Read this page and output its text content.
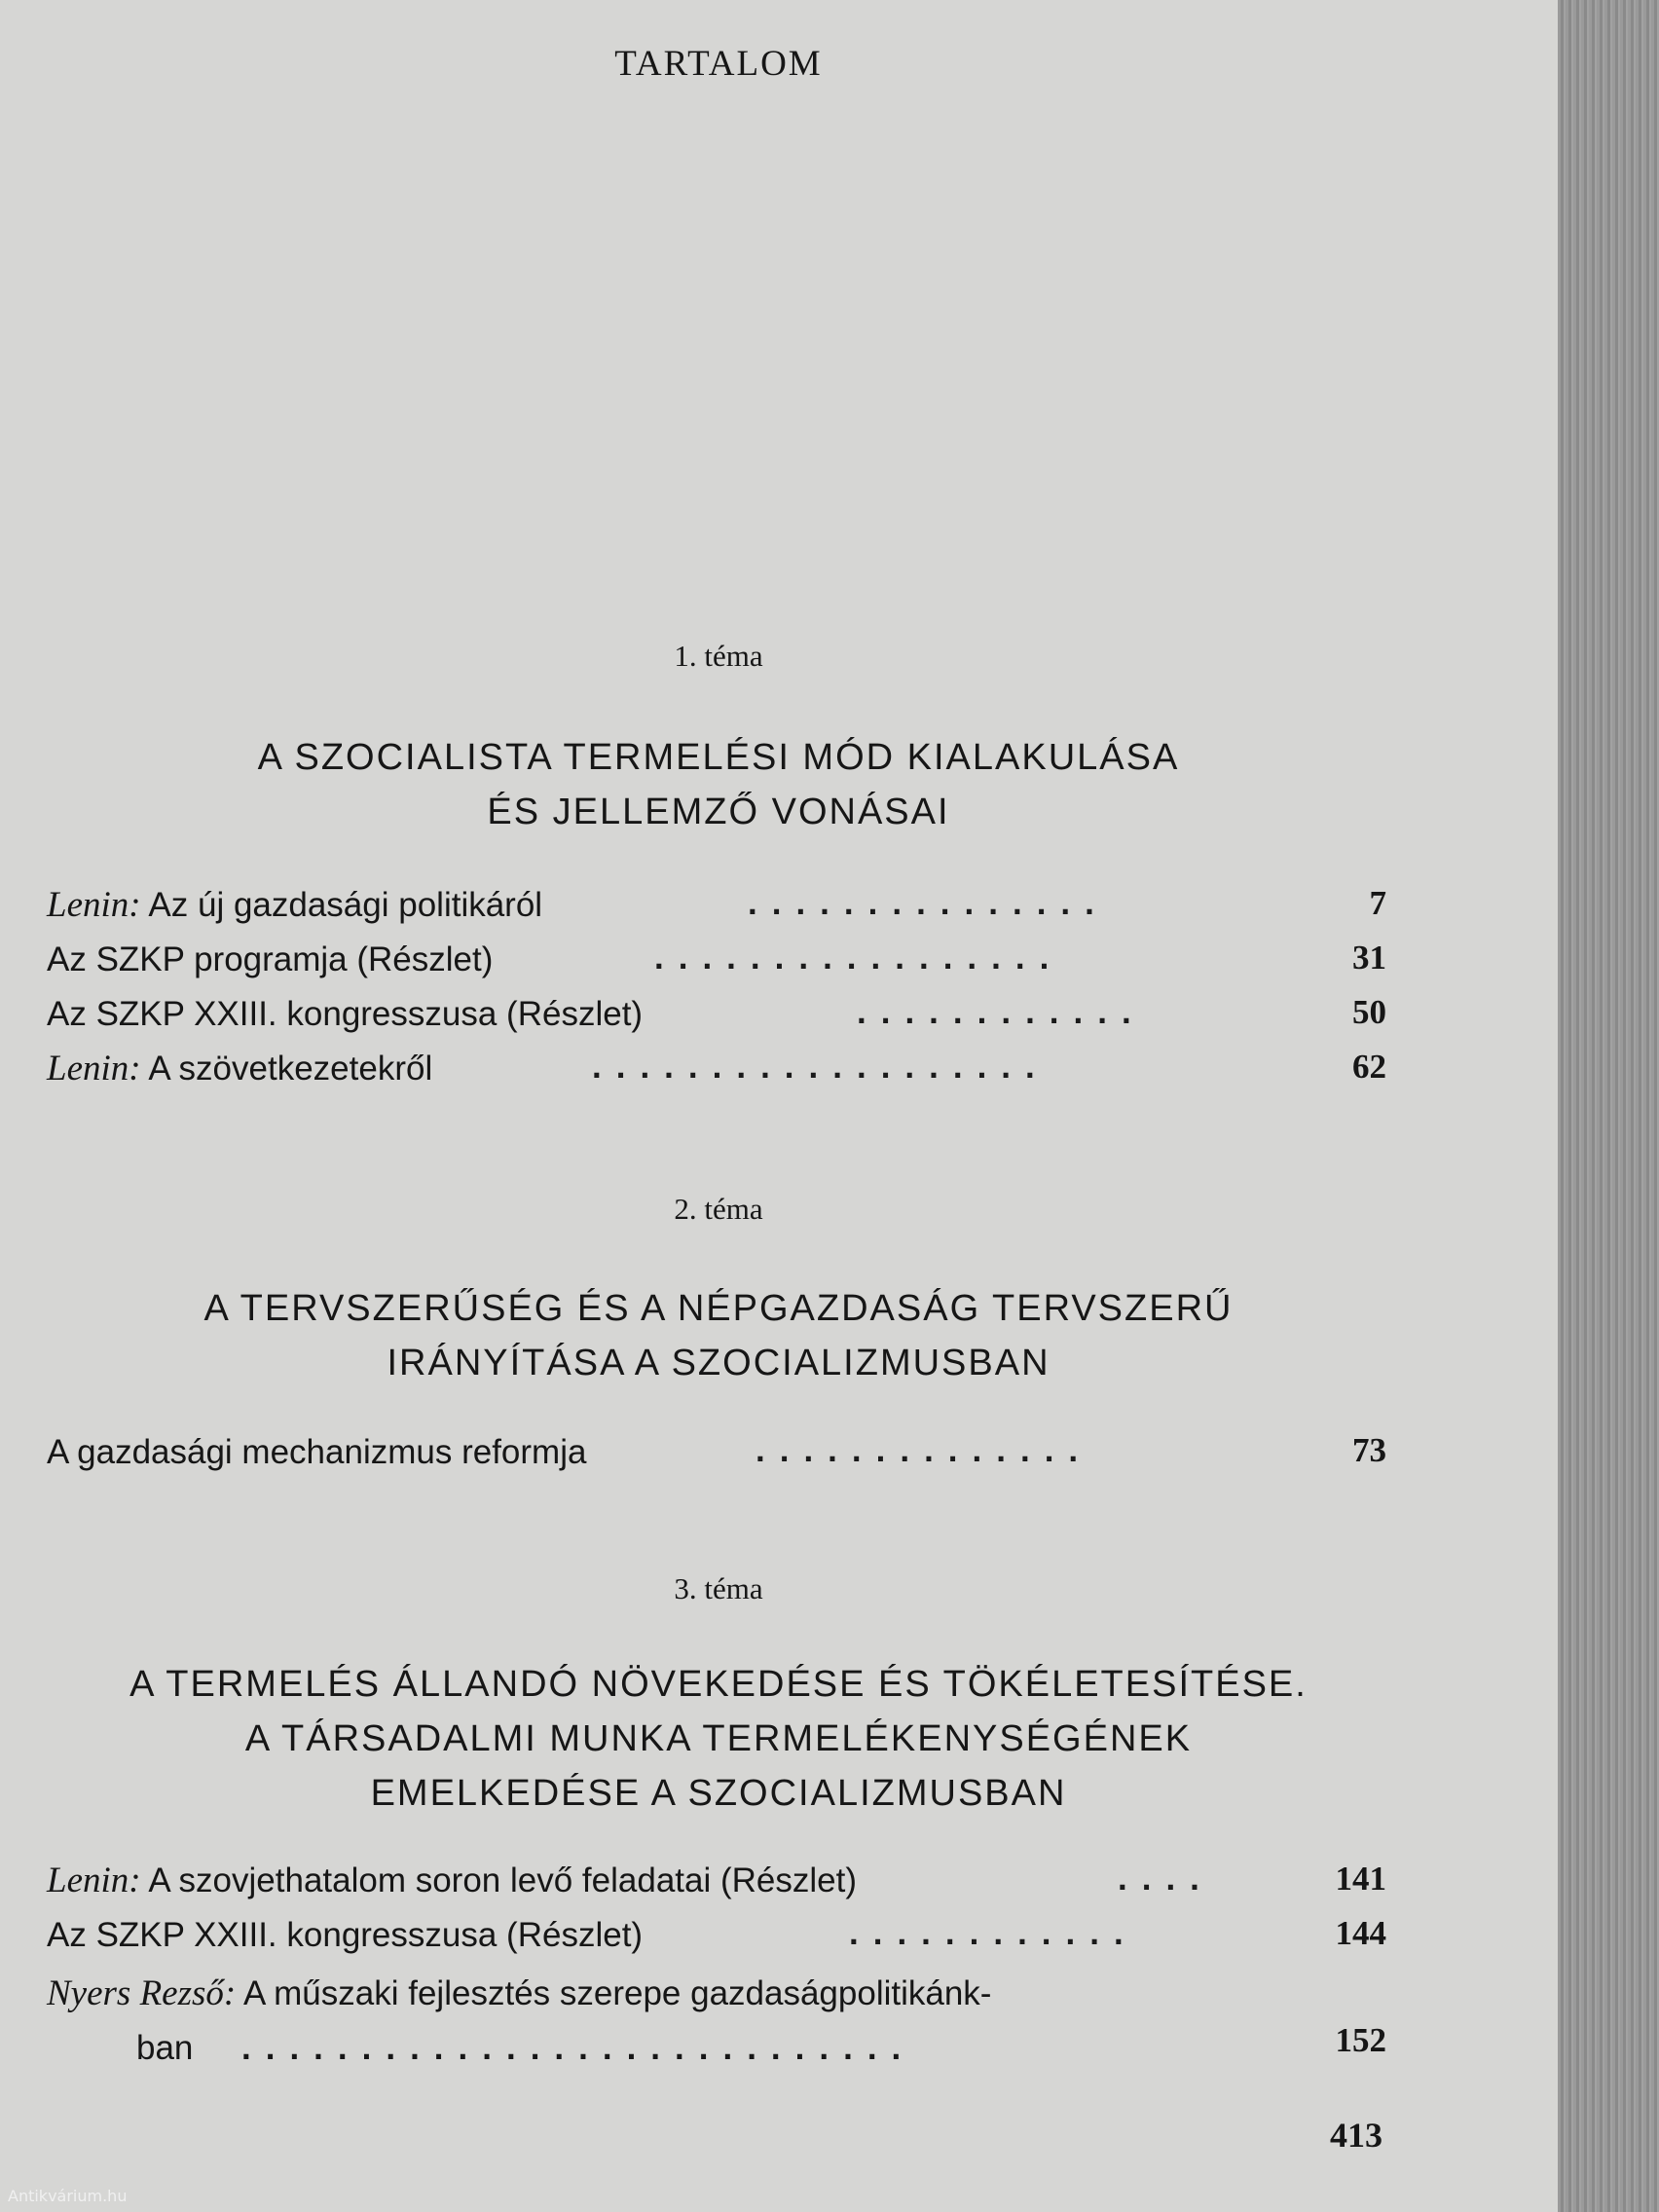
TARTALOM
1. téma
A SZOCIALISTA TERMELÉSI MÓD KIALAKULÁSA
ÉS JELLEMZŐ VONÁSAI
Lenin: Az új gazdasági politikáról	...............	7
Az SZKP programja (Részlet)	.................	31
Az SZKP XXIII. kongresszusa (Részlet)	............	50
Lenin: A szövetkezetekről	...................	62
2. téma
A TERVSZERŰSÉG ÉS A NÉPGAZDASÁG TERVSZERŰ
IRÁNYÍTÁSA A SZOCIALIZMUSBAN
A gazdasági mechanizmus reformja	..............	73
3. téma
A TERMELÉS ÁLLANDÓ NÖVEKEDÉSE ÉS TÖKÉLETESÍTÉSE.
A TÁRSADALMI MUNKA TERMELÉKENYSÉGÉNEK
EMELKEDÉSE A SZOCIALIZMUSBAN
Lenin: A szovjethatalom soron levő feladatai (Részlet)	....	141
Az SZKP XXIII. kongresszusa (Részlet)	............	144
Nyers Rezső: A műszaki fejlesztés szerepe gazdaságpolitikánk-
ban ............................	152
413
Antikvárium.hu
